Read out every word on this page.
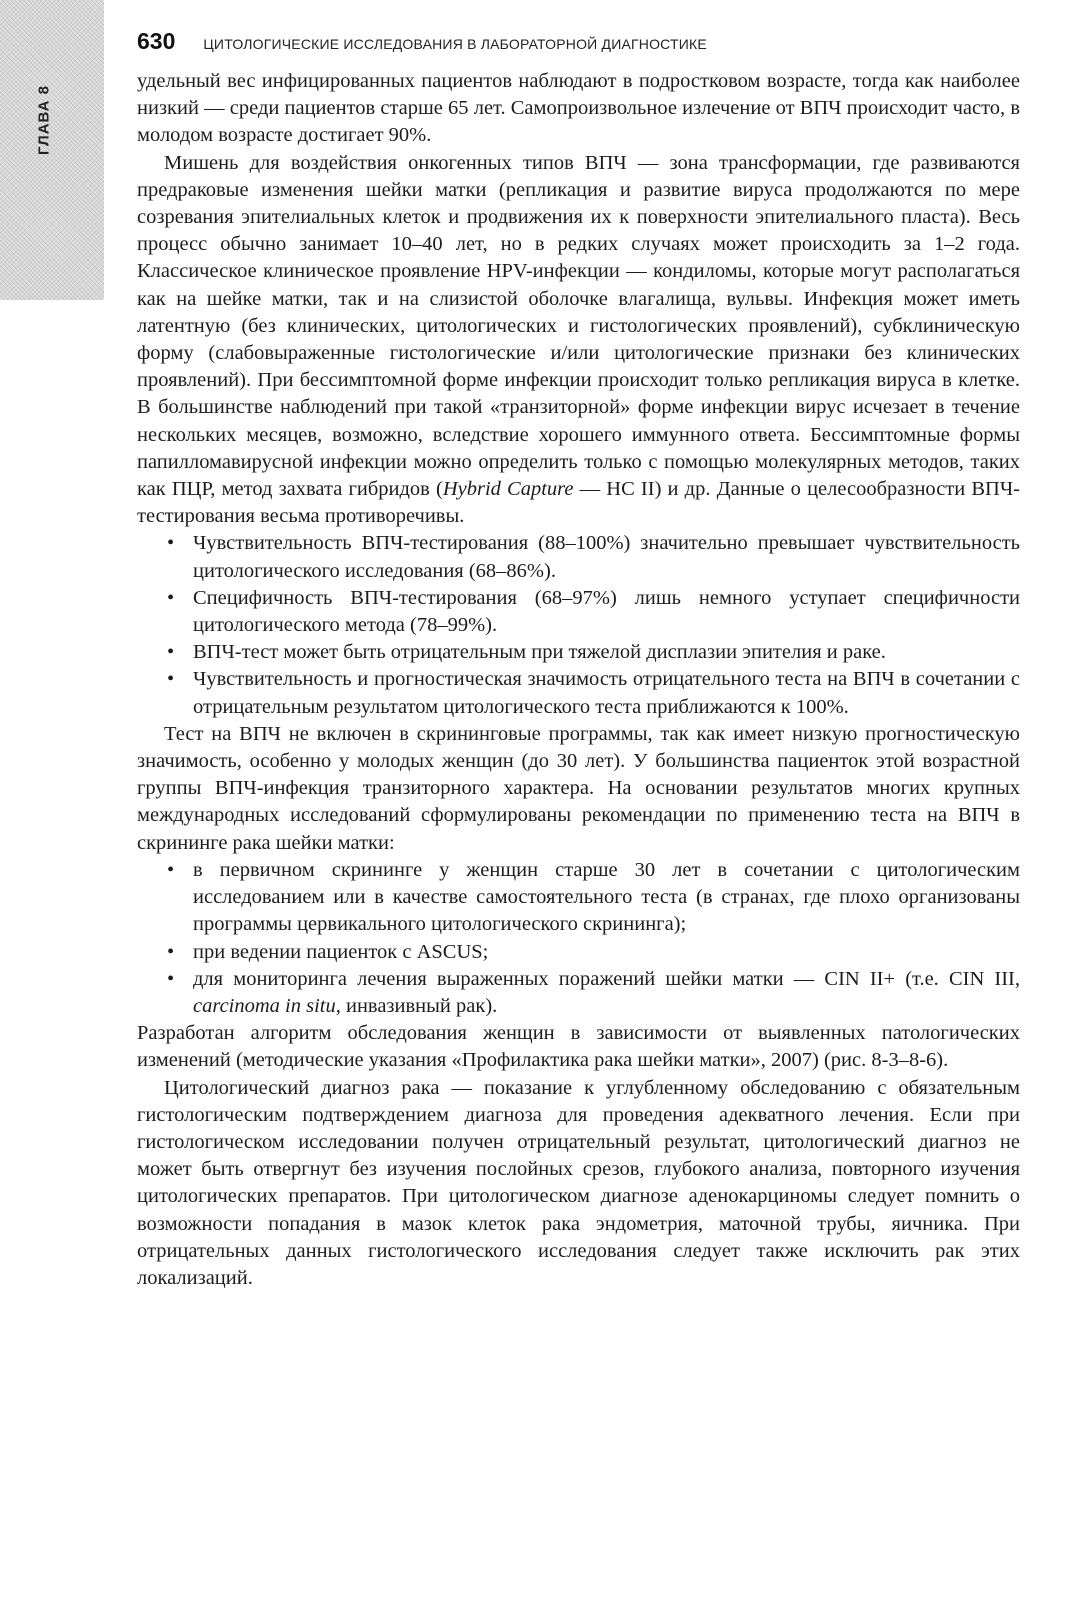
ГЛАВА 8
630 ЦИТОЛОГИЧЕСКИЕ ИССЛЕДОВАНИЯ В ЛАБОРАТОРНОЙ ДИАГНОСТИКЕ

удельный вес инфицированных пациентов наблюдают в подростковом возрасте, тогда как наиболее низкий — среди пациентов старше 65 лет. Самопроизвольное излечение от ВПЧ происходит часто, в молодом возрасте достигает 90%.

Мишень для воздействия онкогенных типов ВПЧ — зона трансформации, где развиваются предраковые изменения шейки матки (репликация и развитие вируса продолжаются по мере созревания эпителиальных клеток и продвижения их к поверхности эпителиального пласта). Весь процесс обычно занимает 10–40 лет, но в редких случаях может происходить за 1–2 года. Классическое клиническое проявление HPV-инфекции — кондиломы, которые могут располагаться как на шейке матки, так и на слизистой оболочке влагалища, вульвы. Инфекция может иметь латентную (без клинических, цитологических и гистологических проявлений), субклиническую форму (слабовыраженные гистологические и/или цитологические признаки без клинических проявлений). При бессимптомной форме инфекции происходит только репликация вируса в клетке. В большинстве наблюдений при такой «транзиторной» форме инфекции вирус исчезает в течение нескольких месяцев, возможно, вследствие хорошего иммунного ответа. Бессимптомные формы папилломавирусной инфекции можно определить только с помощью молекулярных методов, таких как ПЦР, метод захвата гибридов (Hybrid Capture — HC II) и др. Данные о целесообразности ВПЧ-тестирования весьма противоречивы.

• Чувствительность ВПЧ-тестирования (88–100%) значительно превышает чувствительность цитологического исследования (68–86%).
• Специфичность ВПЧ-тестирования (68–97%) лишь немного уступает специфичности цитологического метода (78–99%).
• ВПЧ-тест может быть отрицательным при тяжелой дисплазии эпителия и раке.
• Чувствительность и прогностическая значимость отрицательного теста на ВПЧ в сочетании с отрицательным результатом цитологического теста приближаются к 100%.

Тест на ВПЧ не включен в скрининговые программы, так как имеет низкую прогностическую значимость, особенно у молодых женщин (до 30 лет). У большинства пациенток этой возрастной группы ВПЧ-инфекция транзиторного характера. На основании результатов многих крупных международных исследований сформулированы рекомендации по применению теста на ВПЧ в скрининге рака шейки матки:

• в первичном скрининге у женщин старше 30 лет в сочетании с цитологическим исследованием или в качестве самостоятельного теста (в странах, где плохо организованы программы цервикального цитологического скрининга);
• при ведении пациенток с ASCUS;
• для мониторинга лечения выраженных поражений шейки матки — CIN II+ (т.е. CIN III, carcinoma in situ, инвазивный рак).

Разработан алгоритм обследования женщин в зависимости от выявленных патологических изменений (методические указания «Профилактика рака шейки матки», 2007) (рис. 8-3–8-6).

Цитологический диагноз рака — показание к углубленному обследованию с обязательным гистологическим подтверждением диагноза для проведения адекватного лечения. Если при гистологическом исследовании получен отрицательный результат, цитологический диагноз не может быть отвергнут без изучения послойных срезов, глубокого анализа, повторного изучения цитологических препаратов. При цитологическом диагнозе аденокарциномы следует помнить о возможности попадания в мазок клеток рака эндометрия, маточной трубы, яичника. При отрицательных данных гистологического исследования следует также исключить рак этих локализаций.
